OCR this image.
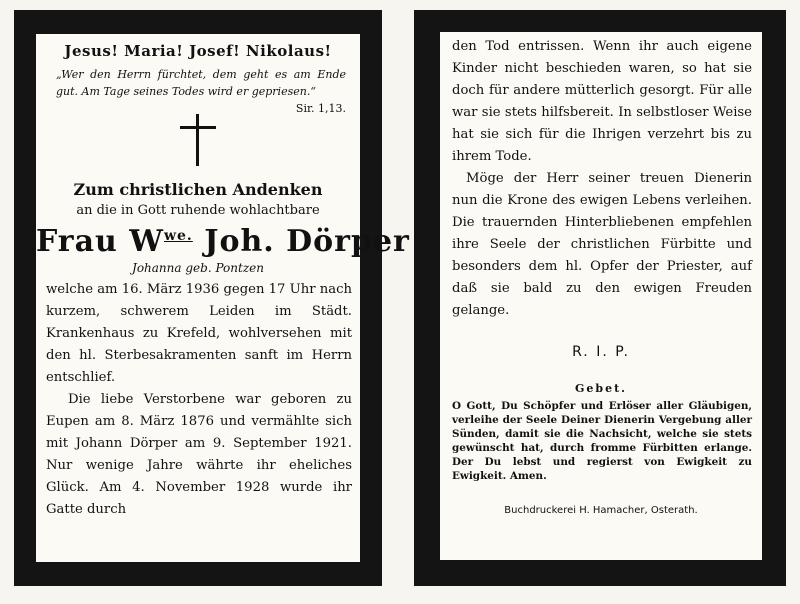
Jesus! Maria! Josef! Nikolaus!
„Wer den Herrn fürchtet, dem geht es am Ende gut. Am Tage seines Todes wird er gepriesen.“
Sir. 1,13.
Zum christlichen Andenken
an die in Gott ruhende wohlachtbare
Frau $W^{we.}$ Joh. Dörper
Johanna geb. Pontzen

welche am 16. März 1936 gegen 17 Uhr nach kurzem, schwerem Leiden im Städt. Krankenhaus zu Krefeld, wohlversehen mit den hl. Sterbesakramenten sanft im Herrn entschlief.

Die liebe Verstorbene war geboren zu Eupen am 8. März 1876 und vermählte sich mit Johann Dörper am 9. September 1921. Nur wenige Jahre währte ihr eheliches Glück. Am 4. November 1928 wurde ihr Gatte durch

den Tod entrissen. Wenn ihr auch eigene Kinder nicht beschieden waren, so hat sie doch für andere mütterlich gesorgt. Für alle war sie stets hilfsbereit. In selbstloser Weise hat sie sich für die Ihrigen verzehrt bis zu ihrem Tode.

Möge der Herr seiner treuen Dienerin nun die Krone des ewigen Lebens verleihen. Die trauernden Hinterbliebenen empfehlen ihre Seele der christlichen Fürbitte und besonders dem hl. Opfer der Priester, auf daß sie bald zu den ewigen Freuden gelange.

R. I. P.
Gebet.
O Gott, Du Schöpfer und Erlöser aller Gläubigen, verleihe der Seele Deiner Dienerin Vergebung aller Sünden, damit sie die Nachsicht, welche sie stets gewünscht hat, durch fromme Fürbitten erlange. Der Du lebst und regierst von Ewigkeit zu Ewigkeit. Amen.
Buchdruckerei H. Hamacher, Osterath.
